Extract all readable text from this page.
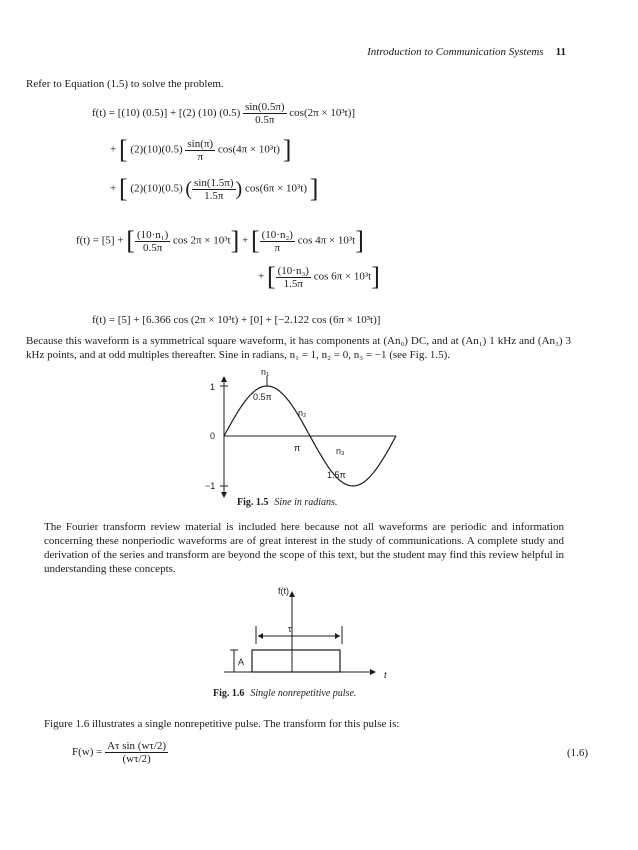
Introduction to Communication Systems 11
Refer to Equation (1.5) to solve the problem.
f(t) = [(10) (0.5)] + [(2) (10) $(0.5) \frac{\sin(0.5\pi)}{0.5\pi} \cos(2\pi \times 10^3t)$]
+ [ $(2)(10)(0.5) \frac{\sin(\pi)}{\pi} \cos(4\pi \times 10^3t)$ ]
+ [ (2)(10)(0.5) ( $\frac{\sin(1.5\pi)}{1.5\pi}$ ) cos(6π × 10³t) ]
f(t) = [5] + [ $\frac{\text{(10·n₁)}}{0.5\pi}$ cos 2π × 10³t] + [ $\frac{\text{(10·n₂)}}{\pi}$ cos 4π × 10³t]
+ [ $\frac{\text{(10·n₃)}}{1.5\pi}$ cos 6π × 10³t]
f(t) = [5] + [6.366 cos (2π × 10³t) + [0] + [−2.122 cos (6π × 10³t)]
Because this waveform is a symmetrical square waveform, it has components at (An₀) DC, and at (An₁) 1 kHz and (An₃) 3 kHz points, and at odd multiples thereafter. Sine in radians, n₁ = 1, n₂ = 0, n₃ = −1 (see Fig. 1.5).
1
0
−1
n₁
0.5π
n₂
π	n₃
1.5π
Fig. 1.5 Sine in radians.
The Fourier transform review material is included here because not all waveforms are periodic and information concerning these nonperiodic waveforms are of great interest in the study of communications. A complete study and derivation of the series and transform are beyond the scope of this text, but the student may find this review helpful in understanding these concepts.
f(t)
τ
A
t
Fig. 1.6 Single nonrepetitive pulse.
Figure 1.6 illustrates a single nonrepetitive pulse. The transform for this pulse is:
$F(w) = \frac{\text{Aτ sin (wτ/2)}}{(w\tau/2)}$	(1.6)
